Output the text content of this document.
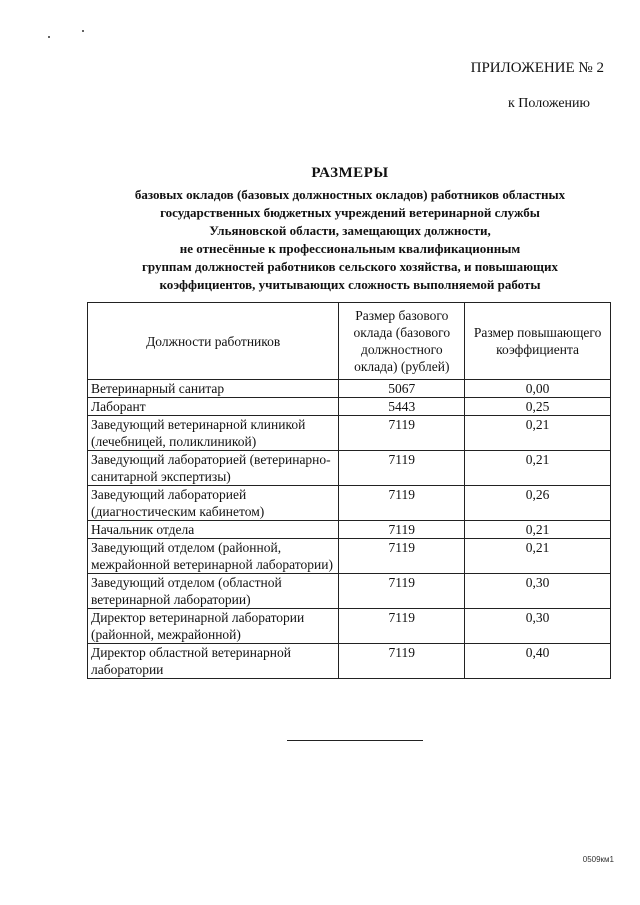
ПРИЛОЖЕНИЕ № 2
к Положению
РАЗМЕРЫ
базовых окладов (базовых должностных окладов) работников областных
государственных бюджетных учреждений ветеринарной службы
Ульяновской области, замещающих должности,
не отнесённые к профессиональным квалификационным
группам должностей работников сельского хозяйства, и повышающих
коэффициентов, учитывающих сложность выполняемой работы
Должности работников	Размер базового оклада (базового должностного оклада) (рублей)	Размер повышающего коэффициента
Ветеринарный санитар	5067	0,00
Лаборант	5443	0,25
Заведующий ветеринарной клиникой (лечебницей, поликлиникой)	7119	0,21
Заведующий лабораторией (ветеринарно-санитарной экспертизы)	7119	0,21
Заведующий лабораторией (диагностическим кабинетом)	7119	0,26
Начальник отдела	7119	0,21
Заведующий отделом (районной, межрайонной ветеринарной лаборатории)	7119	0,21
Заведующий отделом (областной ветеринарной лаборатории)	7119	0,30
Директор ветеринарной лаборатории (районной, межрайонной)	7119	0,30
Директор областной ветеринарной лаборатории	7119	0,40
0509км1
